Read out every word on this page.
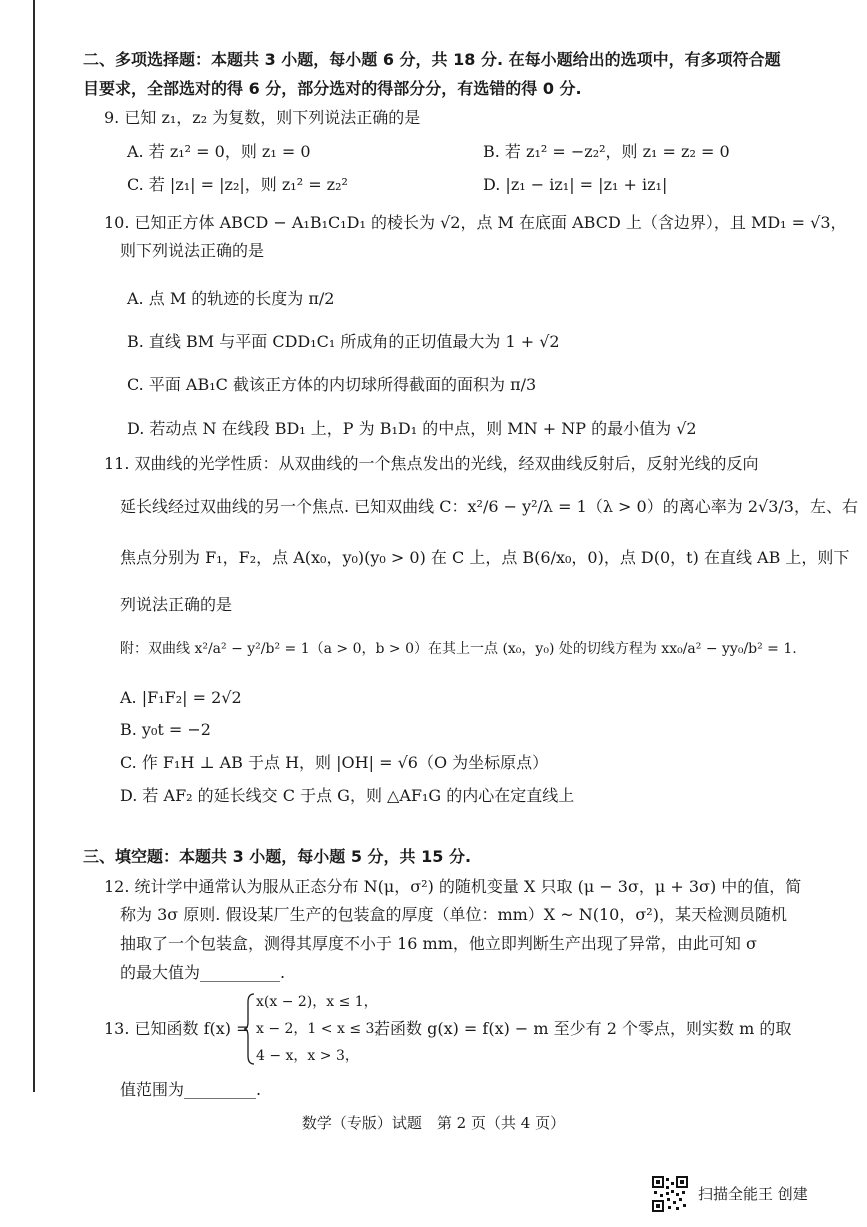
二、多项选择题：本题共 3 小题，每小题 6 分，共 18 分. 在每小题给出的选项中，有多项符合题
目要求，全部选对的得 6 分，部分选对的得部分分，有选错的得 0 分.
9. 已知 z₁，z₂ 为复数，则下列说法正确的是
A. 若 z₁² = 0，则 z₁ = 0	B. 若 z₁² = −z₂²，则 z₁ = z₂ = 0
C. 若 |z₁| = |z₂|，则 z₁² = z₂²	D. |z₁ − iz₁| = |z₁ + iz₁|
10. 已知正方体 ABCD − A₁B₁C₁D₁ 的棱长为 √2，点 M 在底面 ABCD 上（含边界），且 MD₁ = √3，
则下列说法正确的是
A. 点 M 的轨迹的长度为 π/2
B. 直线 BM 与平面 CDD₁C₁ 所成角的正切值最大为 1 + √2
C. 平面 AB₁C 截该正方体的内切球所得截面的面积为 π/3
D. 若动点 N 在线段 BD₁ 上，P 为 B₁D₁ 的中点，则 MN + NP 的最小值为 √2
11. 双曲线的光学性质：从双曲线的一个焦点发出的光线，经双曲线反射后，反射光线的反向
延长线经过双曲线的另一个焦点. 已知双曲线 C：x²/6 − y²/λ = 1（λ > 0）的离心率为 2√3/3，左、右
焦点分别为 F₁，F₂，点 A(x₀，y₀)(y₀ > 0) 在 C 上，点 B(6/x₀，0)，点 D(0，t) 在直线 AB 上，则下
列说法正确的是
附：双曲线 x²/a² − y²/b² = 1（a > 0，b > 0）在其上一点 (x₀，y₀) 处的切线方程为 xx₀/a² − yy₀/b² = 1.
A. |F₁F₂| = 2√2
B. y₀t = −2
C. 作 F₁H ⊥ AB 于点 H，则 |OH| = √6（O 为坐标原点）
D. 若 AF₂ 的延长线交 C 于点 G，则 △AF₁G 的内心在定直线上
三、填空题：本题共 3 小题，每小题 5 分，共 15 分.
12. 统计学中通常认为服从正态分布 N(μ，σ²) 的随机变量 X 只取 (μ − 3σ，μ + 3σ) 中的值，简
称为 3σ 原则. 假设某厂生产的包装盒的厚度（单位：mm）X ~ N(10，σ²)，某天检测员随机
抽取了一个包装盒，测得其厚度不小于 16 mm，他立即判断生产出现了异常，由此可知 σ
的最大值为__________.
13. 已知函数 f(x) =
x(x − 2)，x ≤ 1，
x − 2，1 < x ≤ 3，
4 − x，x > 3，
若函数 g(x) = f(x) − m 至少有 2 个零点，则实数 m 的取
值范围为_________.
数学（专版）试题　第 2 页（共 4 页）
扫描全能王 创建
